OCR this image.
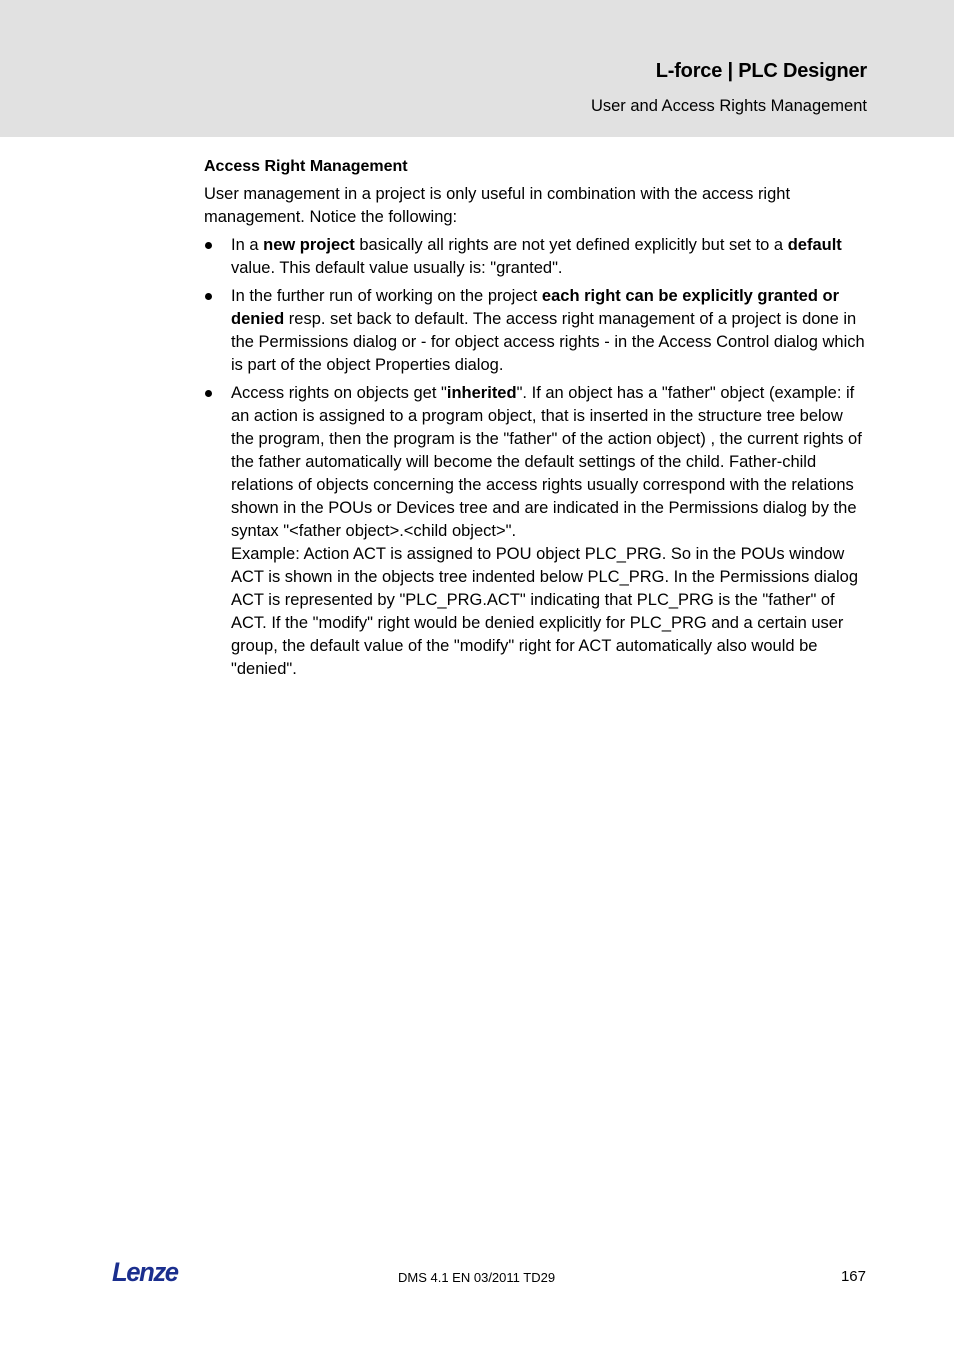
L-force | PLC Designer
User and Access Rights Management
Access Right Management

User management in a project is only useful in combination with the access right management. Notice the following:

In a new project basically all rights are not yet defined explicitly but set to a default value. This default value usually is: "granted".
In the further run of working on the project each right can be explicitly granted or denied resp. set back to default. The access right management of a project is done in the Permissions dialog or - for object access rights - in the Access Control dialog which is part of the object Properties dialog.
Access rights on objects get "inherited". If an object has a "father" object (example: if an action is assigned to a program object, that is inserted in the structure tree below the program, then the program is the "father" of the action object) , the current rights of the father automatically will become the default settings of the child. Father-child relations of objects concerning the access rights usually correspond with the relations shown in the POUs or Devices tree and are indicated in the Permissions dialog by the syntax "<father object>.<child object>".
Example: Action ACT is assigned to POU object PLC_PRG. So in the POUs window ACT is shown in the objects tree indented below PLC_PRG. In the Permissions dialog ACT is represented by "PLC_PRG.ACT" indicating that PLC_PRG is the "father" of ACT. If the "modify" right would be denied explicitly for PLC_PRG and a certain user group, the default value of the "modify" right for ACT automatically also would be "denied".
Lenze	DMS 4.1 EN 03/2011 TD29	167
